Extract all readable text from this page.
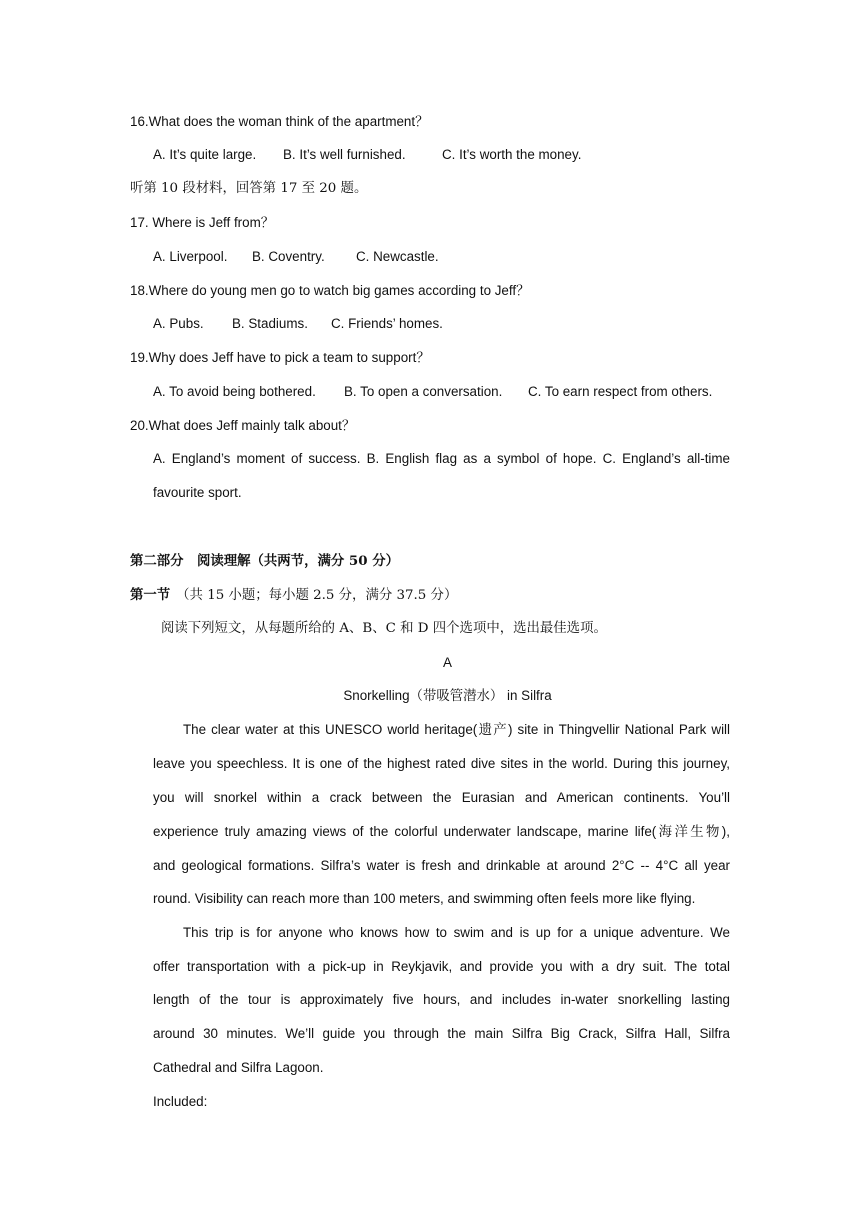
16.What does the woman think of the apartment？
A. It’s quite large. B. It’s well furnished.	C. It’s worth the money.
听第 10 段材料，回答第 17 至 20 题。
17. Where is Jeff from？
A. Liverpool. B. Coventry. C. Newcastle.
18.Where do young men go to watch big games according to Jeff？
A. Pubs. B. Stadiums. C. Friends’ homes.
19.Why does Jeff have to pick a team to support？
A. To avoid being bothered. B. To open a conversation. C. To earn respect from others.
20.What does Jeff mainly talk about？
A. England’s moment of success. B. English flag as a symbol of hope. C. England’s all-time
favourite sport.
第二部分　阅读理解（共两节，满分 50 分）
第一节 （共 15 小题；每小题 2.5 分，满分 37.5 分）
阅读下列短文，从每题所给的 A、B、C 和 D 四个选项中，选出最佳选项。
A
Snorkelling（带吸管潜水） in Silfra
The clear water at this UNESCO world heritage(遗产) site in Thingvellir National Park will
leave you speechless. It is one of the highest rated dive sites in the world. During this journey,
you will snorkel within a crack between the Eurasian and American continents. You’ll
experience truly amazing views of the colorful underwater landscape, marine life(海洋生物),
and geological formations. Silfra’s water is fresh and drinkable at around 2°C -- 4°C all year
round. Visibility can reach more than 100 meters, and swimming often feels more like flying.
This trip is for anyone who knows how to swim and is up for a unique adventure. We
offer transportation with a pick-up in Reykjavik, and provide you with a dry suit. The total
length of the tour is approximately five hours, and includes in-water snorkelling lasting
around 30 minutes. We’ll guide you through the main Silfra Big Crack, Silfra Hall, Silfra
Cathedral and Silfra Lagoon.
Included:
